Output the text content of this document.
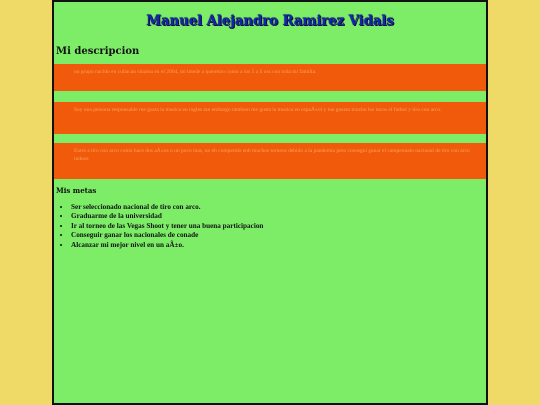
Manuel Alejandro Ramirez Vidals
Mi descripcion
no grupo nacido en culiacan sinaloa en el 2004, mi hnede a querenro como a los 5 a ñ oss con toda mi familia.
Soy una persona responsable me gusta la musica en ingles tan embargo tambien me gusta la musica en espaÃ±ol y me gustan mucho los tacos el futbol y tiro con arco.
Entre a tiro con arco como hace dos aÃ±os o un poco mas, no eh competido enb muchos torneos debido a la pandemia pero consegui ganar el campeonato nacional de tiro con arco indoor.
Mis metas
• Ser seleccionado nacional de tiro con arco.
• Graduarme de la universidad
• Ir al torneo de las Vegas Shoot y tener una buena participacion
• Conseguir ganar los nacionales de conade
• Alcanzar mi mejor nivel en un aÃ±o.
